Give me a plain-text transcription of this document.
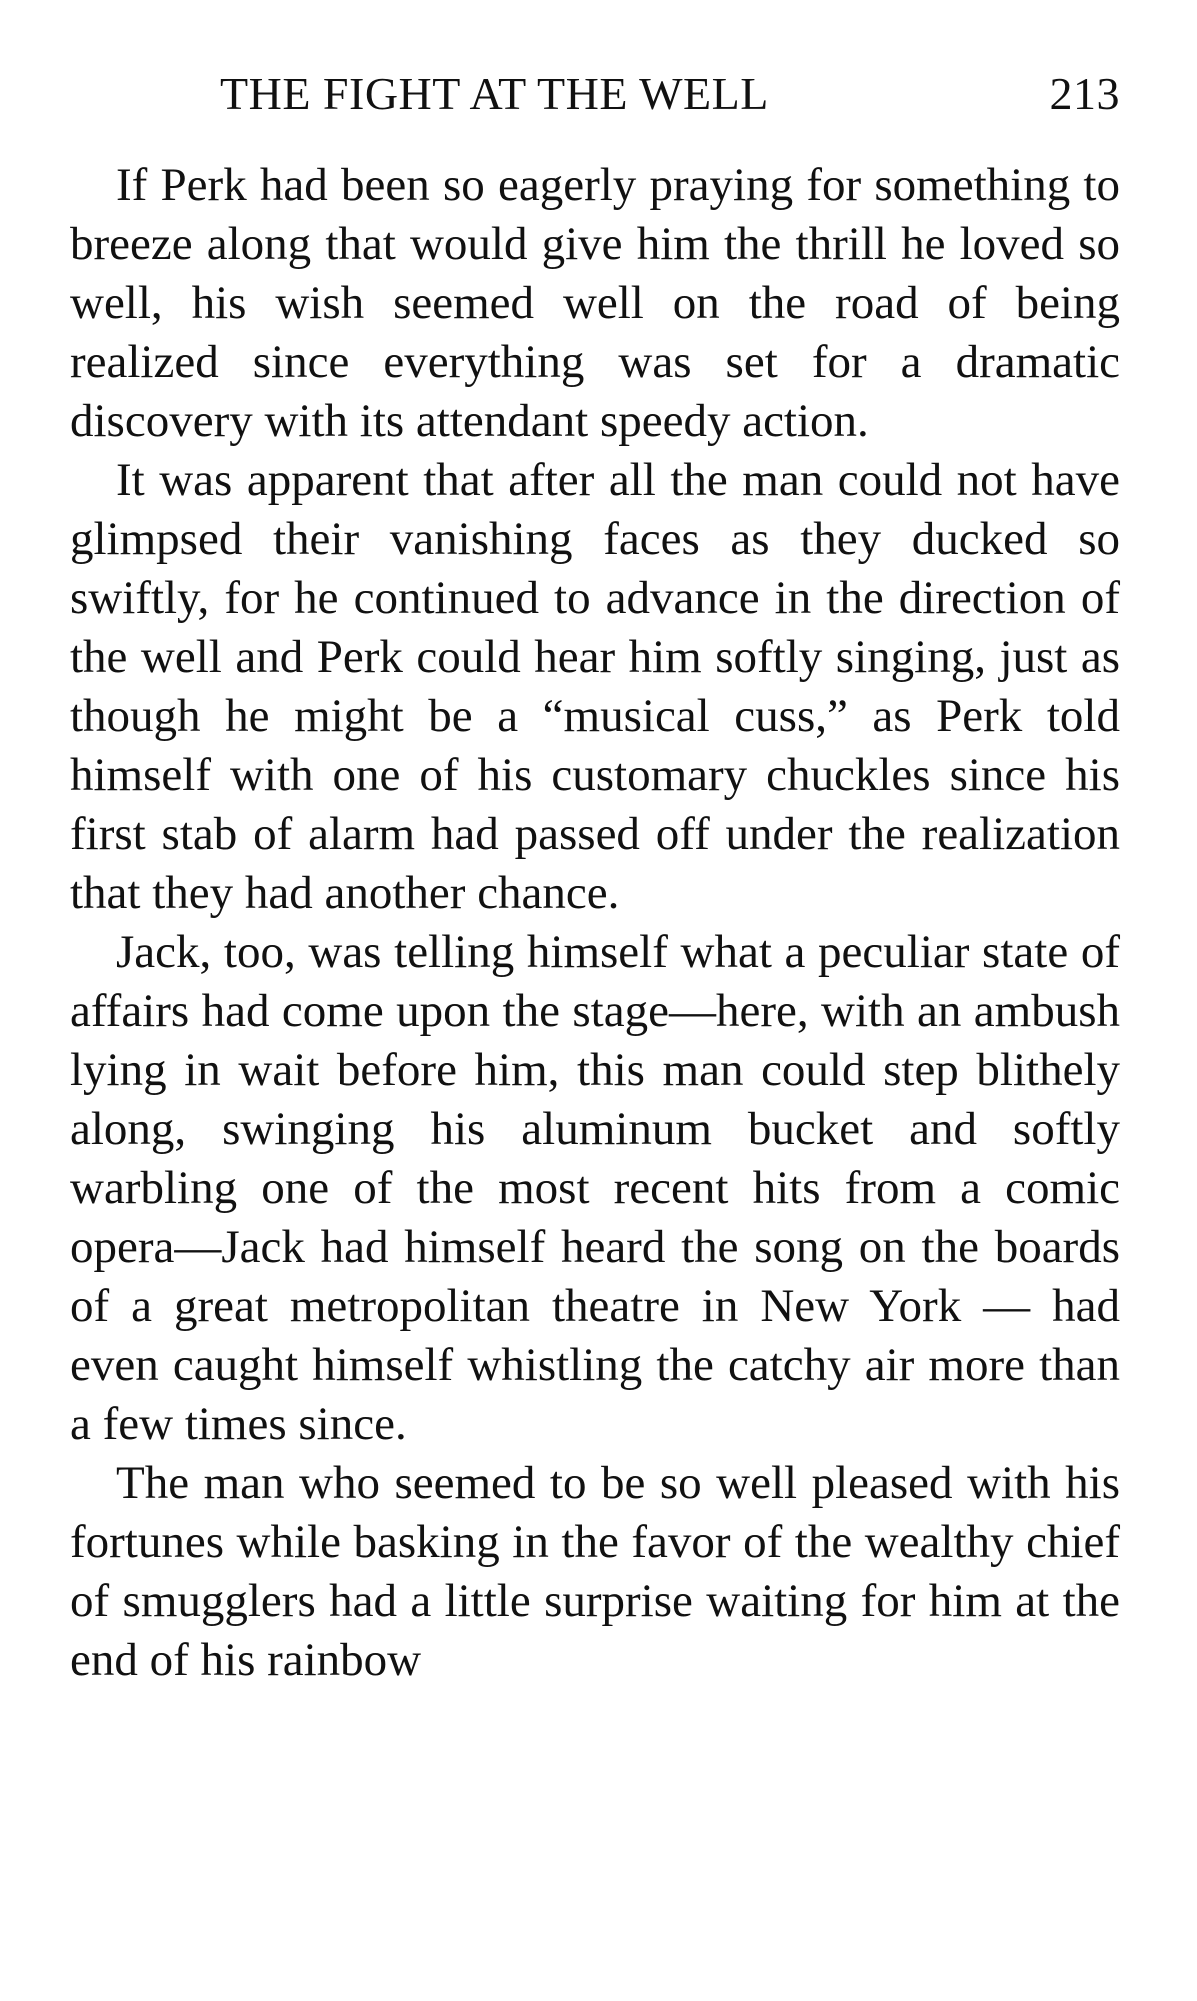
THE FIGHT AT THE WELL	213

If Perk had been so eagerly praying for something to breeze along that would give him the thrill he loved so well, his wish seemed well on the road of being realized since everything was set for a dramatic discovery with its attendant speedy action.

It was apparent that after all the man could not have glimpsed their vanishing faces as they ducked so swiftly, for he continued to advance in the direction of the well and Perk could hear him softly singing, just as though he might be a “musical cuss,” as Perk told himself with one of his customary chuckles since his first stab of alarm had passed off under the realization that they had another chance.

Jack, too, was telling himself what a peculiar state of affairs had come upon the stage—here, with an ambush lying in wait before him, this man could step blithely along, swinging his aluminum bucket and softly warbling one of the most recent hits from a comic opera—Jack had himself heard the song on the boards of a great metropolitan theatre in New York — had even caught himself whistling the catchy air more than a few times since.

The man who seemed to be so well pleased with his fortunes while basking in the favor of the wealthy chief of smugglers had a little surprise waiting for him at the end of his rainbow
